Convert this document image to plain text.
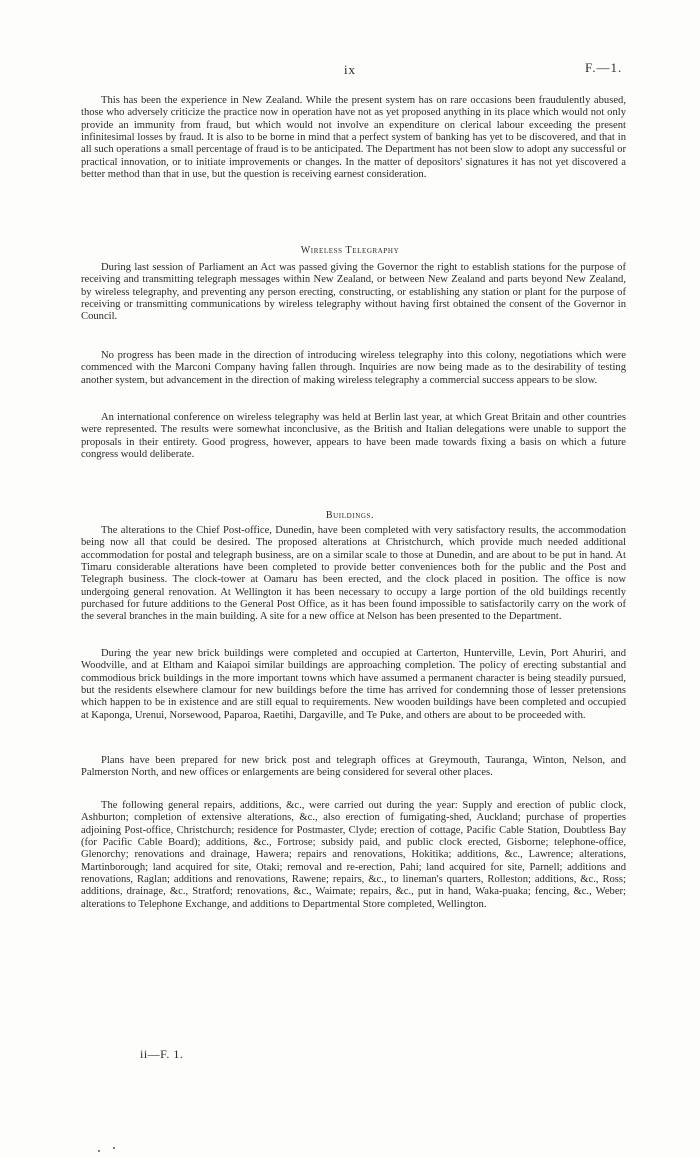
ix	F.—1.

This has been the experience in New Zealand. While the present system has on rare occasions been fraudulently abused, those who adversely criticize the practice now in operation have not as yet proposed anything in its place which would not only provide an immunity from fraud, but which would not involve an expenditure on clerical labour exceeding the present infinitesimal losses by fraud. It is also to be borne in mind that a perfect system of banking has yet to be discovered, and that in all such operations a small percentage of fraud is to be anticipated. The Department has not been slow to adopt any successful or practical innovation, or to initiate improvements or changes. In the matter of depositors' signatures it has not yet discovered a better method than that in use, but the question is receiving earnest consideration.

Wireless Telegraphy

During last session of Parliament an Act was passed giving the Governor the right to establish stations for the purpose of receiving and transmitting telegraph messages within New Zealand, or between New Zealand and parts beyond New Zealand, by wireless telegraphy, and preventing any person erecting, constructing, or establishing any station or plant for the purpose of receiving or transmitting communications by wireless telegraphy without having first obtained the consent of the Governor in Council.

No progress has been made in the direction of introducing wireless telegraphy into this colony, negotiations which were commenced with the Marconi Company having fallen through. Inquiries are now being made as to the desirability of testing another system, but advancement in the direction of making wireless telegraphy a commercial success appears to be slow.

An international conference on wireless telegraphy was held at Berlin last year, at which Great Britain and other countries were represented. The results were somewhat inconclusive, as the British and Italian delegations were unable to support the proposals in their entirety. Good progress, however, appears to have been made towards fixing a basis on which a future congress would deliberate.

Buildings.

The alterations to the Chief Post-office, Dunedin, have been completed with very satisfactory results, the accommodation being now all that could be desired. The proposed alterations at Christchurch, which provide much needed additional accommodation for postal and telegraph business, are on a similar scale to those at Dunedin, and are about to be put in hand. At Timaru considerable alterations have been completed to provide better conveniences both for the public and the Post and Telegraph business. The clock-tower at Oamaru has been erected, and the clock placed in position. The office is now undergoing general renovation. At Wellington it has been necessary to occupy a large portion of the old buildings recently purchased for future additions to the General Post Office, as it has been found impossible to satisfactorily carry on the work of the several branches in the main building. A site for a new office at Nelson has been presented to the Department.

During the year new brick buildings were completed and occupied at Carterton, Hunterville, Levin, Port Ahuriri, and Woodville, and at Eltham and Kaiapoi similar buildings are approaching completion. The policy of erecting substantial and commodious brick buildings in the more important towns which have assumed a permanent character is being steadily pursued, but the residents elsewhere clamour for new buildings before the time has arrived for condemning those of lesser pretensions which happen to be in existence and are still equal to requirements. New wooden buildings have been completed and occupied at Kaponga, Urenui, Norsewood, Paparoa, Raetihi, Dargaville, and Te Puke, and others are about to be proceeded with.

Plans have been prepared for new brick post and telegraph offices at Greymouth, Tauranga, Winton, Nelson, and Palmerston North, and new offices or enlargements are being considered for several other places.

The following general repairs, additions, &c., were carried out during the year: Supply and erection of public clock, Ashburton; completion of extensive alterations, &c., also erection of fumigating-shed, Auckland; purchase of properties adjoining Post-office, Christchurch; residence for Postmaster, Clyde; erection of cottage, Pacific Cable Station, Doubtless Bay (for Pacific Cable Board); additions, &c., Fortrose; subsidy paid, and public clock erected, Gisborne; telephone-office, Glenorchy; renovations and drainage, Hawera; repairs and renovations, Hokitika; additions, &c., Lawrence; alterations, Martinborough; land acquired for site, Otaki; removal and re-erection, Pahi; land acquired for site, Parnell; additions and renovations, Raglan; additions and renovations, Rawene; repairs, &c., to lineman's quarters, Rolleston; additions, &c., Ross; additions, drainage, &c., Stratford; renovations, &c., Waimate; repairs, &c., put in hand, Waka-puaka; fencing, &c., Weber; alterations to Telephone Exchange, and additions to Departmental Store completed, Wellington.

ii—F. 1.
